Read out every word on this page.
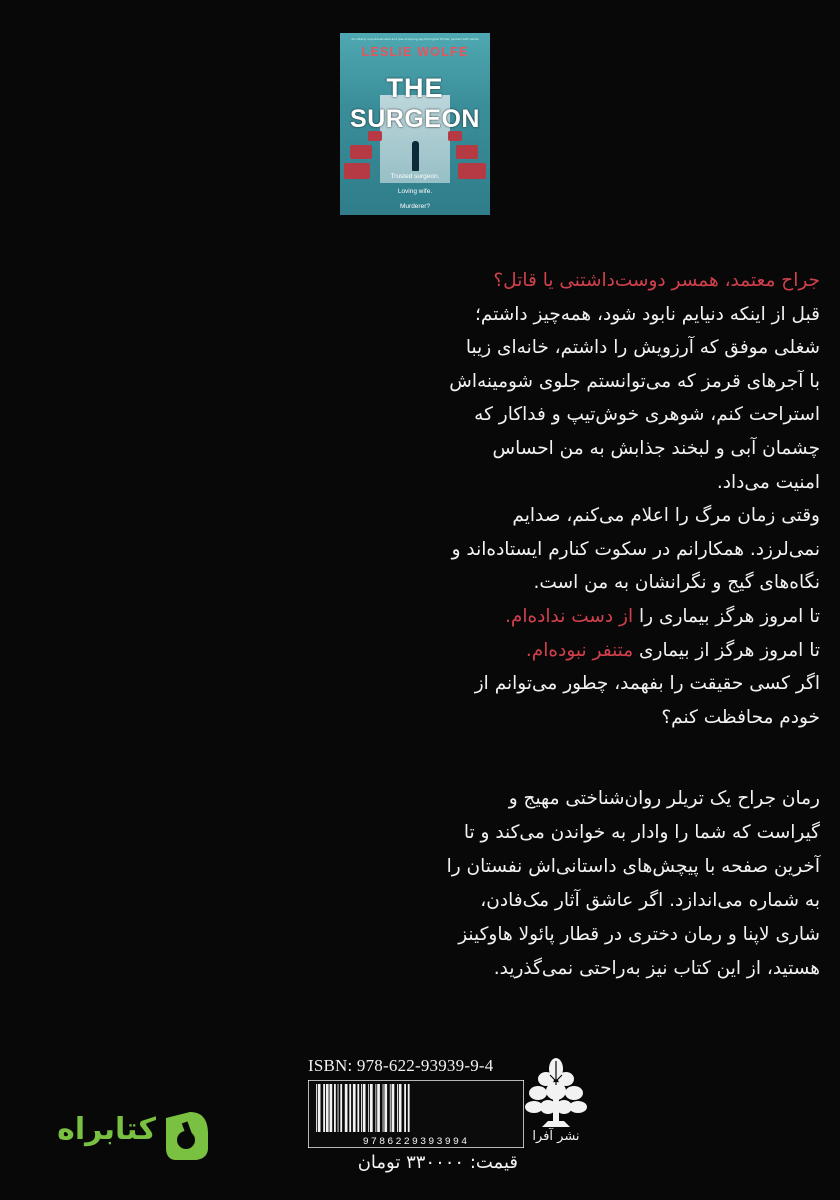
An utterly unputdownable and jaw-dropping psychological thriller packed with twists
LESLIE WOLFE
THE
SURGEON
Trusted surgeon.
Loving wife.
Murderer?
جراح معتمد، همسر دوست‌داشتنی یا قاتل؟
قبل از اینکه دنیایم نابود شود، همه‌چیز داشتم؛
شغلی موفق که آرزویش را داشتم، خانه‌ای زیبا
با آجرهای قرمز که می‌توانستم جلوی شومینه‌اش
استراحت کنم، شوهری خوش‌تیپ و فداکار که
چشمان آبی و لبخند جذابش به من احساس
امنیت می‌داد.
وقتی زمان مرگ را اعلام می‌کنم، صدایم
نمی‌لرزد. همکارانم در سکوت کنارم ایستاده‌اند و
نگاه‌های گیج و نگرانشان به من است.
تا امروز هرگز بیماری را از دست نداده‌ام.
تا امروز هرگز از بیماری متنفر نبوده‌ام.
اگر کسی حقیقت را بفهمد، چطور می‌توانم از
خودم محافظت کنم؟
رمان جراح یک تریلر روان‌شناختی مهیج و
گیراست که شما را وادار به خواندن می‌کند و تا
آخرین صفحه با پیچش‌های داستانی‌اش نفستان را
به شماره می‌اندازد. اگر عاشق آثار مک‌فادن،
شاری لاپنا و رمان دختری در قطار پائولا هاوکینز
هستید، از این کتاب نیز به‌راحتی نمی‌گذرید.
ISBN: 978-622-93939-9-4
9786229393994
قیمت: ۳۳۰۰۰۰ تومان
نشر آفرا
کتابراه
